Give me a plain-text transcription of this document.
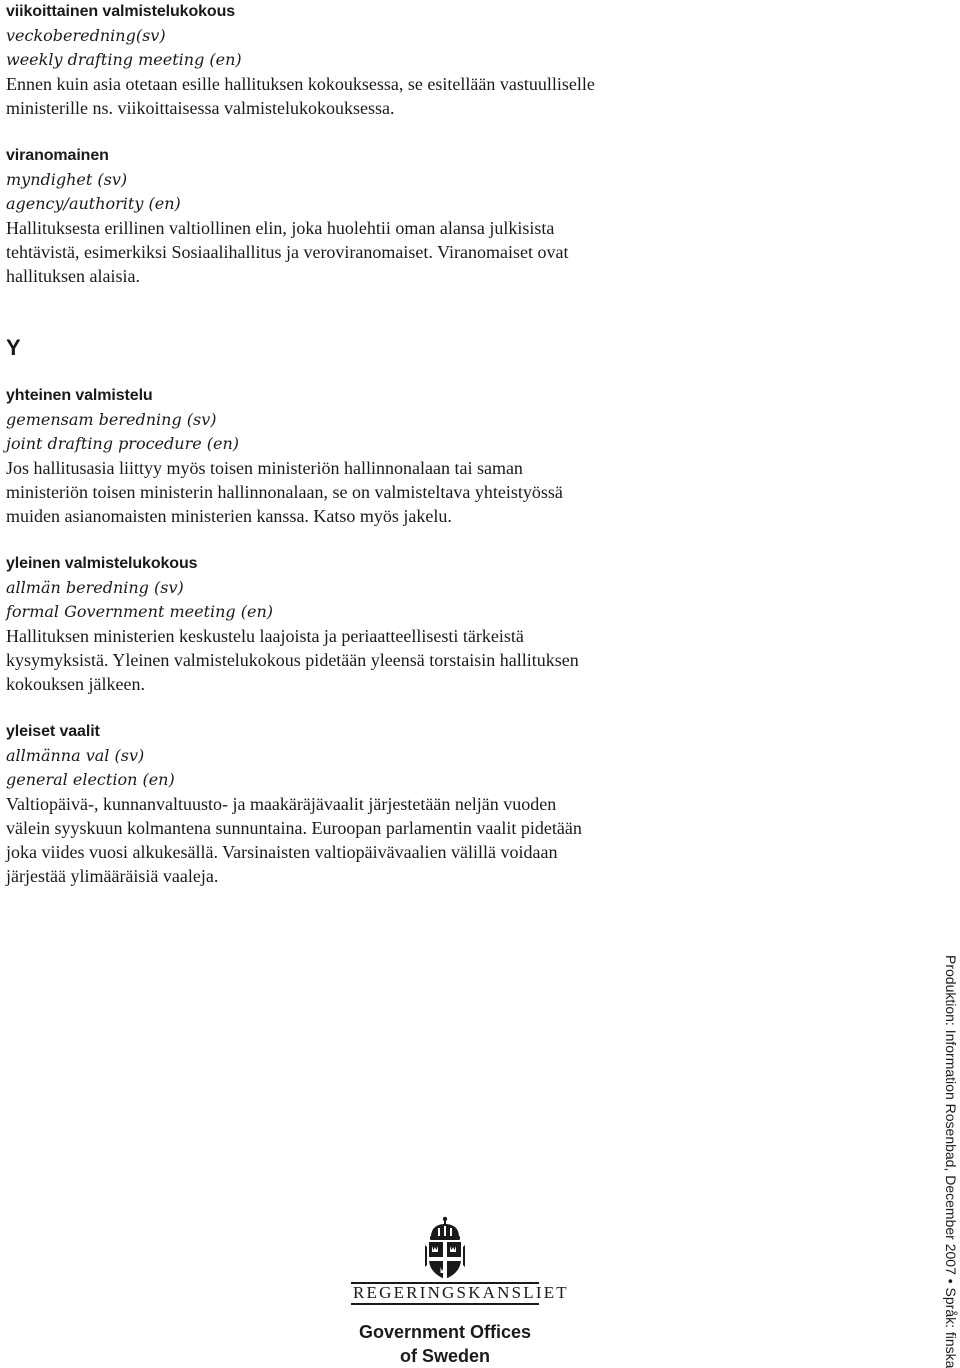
viikoittainen valmistelukokous
veckoberedning(sv)
weekly drafting meeting (en)
Ennen kuin asia otetaan esille hallituksen kokouksessa, se esitellään vastuulliselle
ministerille ns. viikoittaisessa valmistelukokouksessa.
viranomainen
myndighet (sv)
agency/authority (en)
Hallituksesta erillinen valtiollinen elin, joka huolehtii oman alansa julkisista
tehtävistä, esimerkiksi Sosiaalihallitus ja veroviranomaiset. Viranomaiset ovat
hallituksen alaisia.
Y
yhteinen valmistelu
gemensam beredning (sv)
joint drafting procedure (en)
Jos hallitusasia liittyy myös toisen ministeriön hallinnonalaan tai saman
ministeriön toisen ministerin hallinnonalaan, se on valmisteltava yhteistyössä
muiden asianomaisten ministerien kanssa. Katso myös jakelu.
yleinen valmistelukokous
allmän beredning (sv)
formal Government meeting (en)
Hallituksen ministerien keskustelu laajoista ja periaatteellisesti tärkeistä
kysymyksistä. Yleinen valmistelukokous pidetään yleensä torstaisin hallituksen
kokouksen jälkeen.
yleiset vaalit
allmänna val (sv)
general election (en)
Valtiopäivä-, kunnanvaltuusto- ja maakäräjävaalit järjestetään neljän vuoden
välein syyskuun kolmantena sunnuntaina. Euroopan parlamentin vaalit pidetään
joka viides vuosi alkukesällä. Varsinaisten valtiopäivävaalien välillä voidaan
järjestää ylimääräisiä vaaleja.
Produktion: Information Rosenbad, December 2007 • Språk: finska
REGERINGSKANSLIET
Government Offices
of Sweden
